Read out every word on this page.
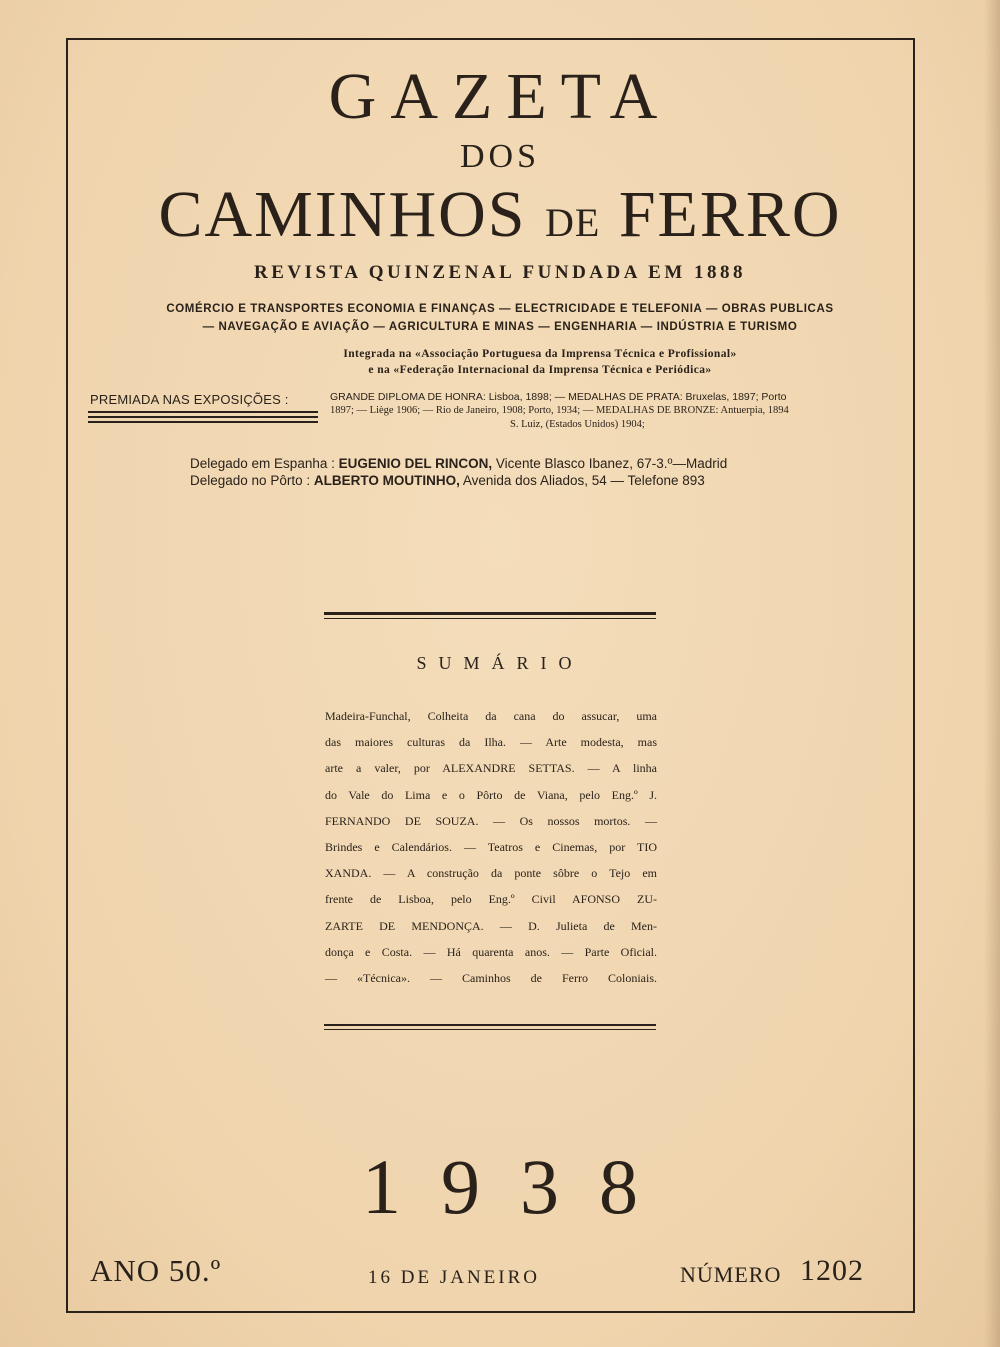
GAZETA
DOS
CAMINHOS DE FERRO
REVISTA QUINZENAL FUNDADA EM 1888
COMÉRCIO E TRANSPORTES ECONOMIA E FINANÇAS — ELECTRICIDADE E TELEFONIA — OBRAS PUBLICAS
— NAVEGAÇÃO E AVIAÇÃO — AGRICULTURA E MINAS — ENGENHARIA — INDÚSTRIA E TURISMO
Integrada na «Associação Portuguesa da Imprensa Técnica e Profissional»
e na «Federação Internacional da Imprensa Técnica e Periódica»
PREMIADA NAS EXPOSIÇÕES :	GRANDE DIPLOMA DE HONRA: Lisboa, 1898; — MEDALHAS DE PRATA: Bruxelas, 1897; Porto
1897; — Liège 1906; — Rio de Janeiro, 1908; Porto, 1934; — MEDALHAS DE BRONZE: Antuerpia, 1894
S. Luiz, (Estados Unidos) 1904;
Delegado em Espanha : EUGENIO DEL RINCON, Vicente Blasco Ibanez, 67-3.º—Madrid
Delegado no Pôrto : ALBERTO MOUTINHO, Avenida dos Aliados, 54 — Telefone 893
SUMÁRIO
Madeira-Funchal, Colheita da cana do assucar, uma
das maiores culturas da Ilha. — Arte modesta, mas
arte a valer, por ALEXANDRE SETTAS. — A linha
do Vale do Lima e o Pôrto de Viana, pelo Eng.º J.
FERNANDO DE SOUZA. — Os nossos mortos. —
Brindes e Calendários. — Teatros e Cinemas, por TIO
XANDA. — A construção da ponte sôbre o Tejo em
frente de Lisboa, pelo Eng.º Civil AFONSO ZU-
ZARTE DE MENDONÇA. — D. Julieta de Men-
donça e Costa. — Há quarenta anos. — Parte Oficial.
— «Técnica». — Caminhos de Ferro Coloniais.
1938
ANO 50.º	16 DE JANEIRO	NÚMERO 1202
